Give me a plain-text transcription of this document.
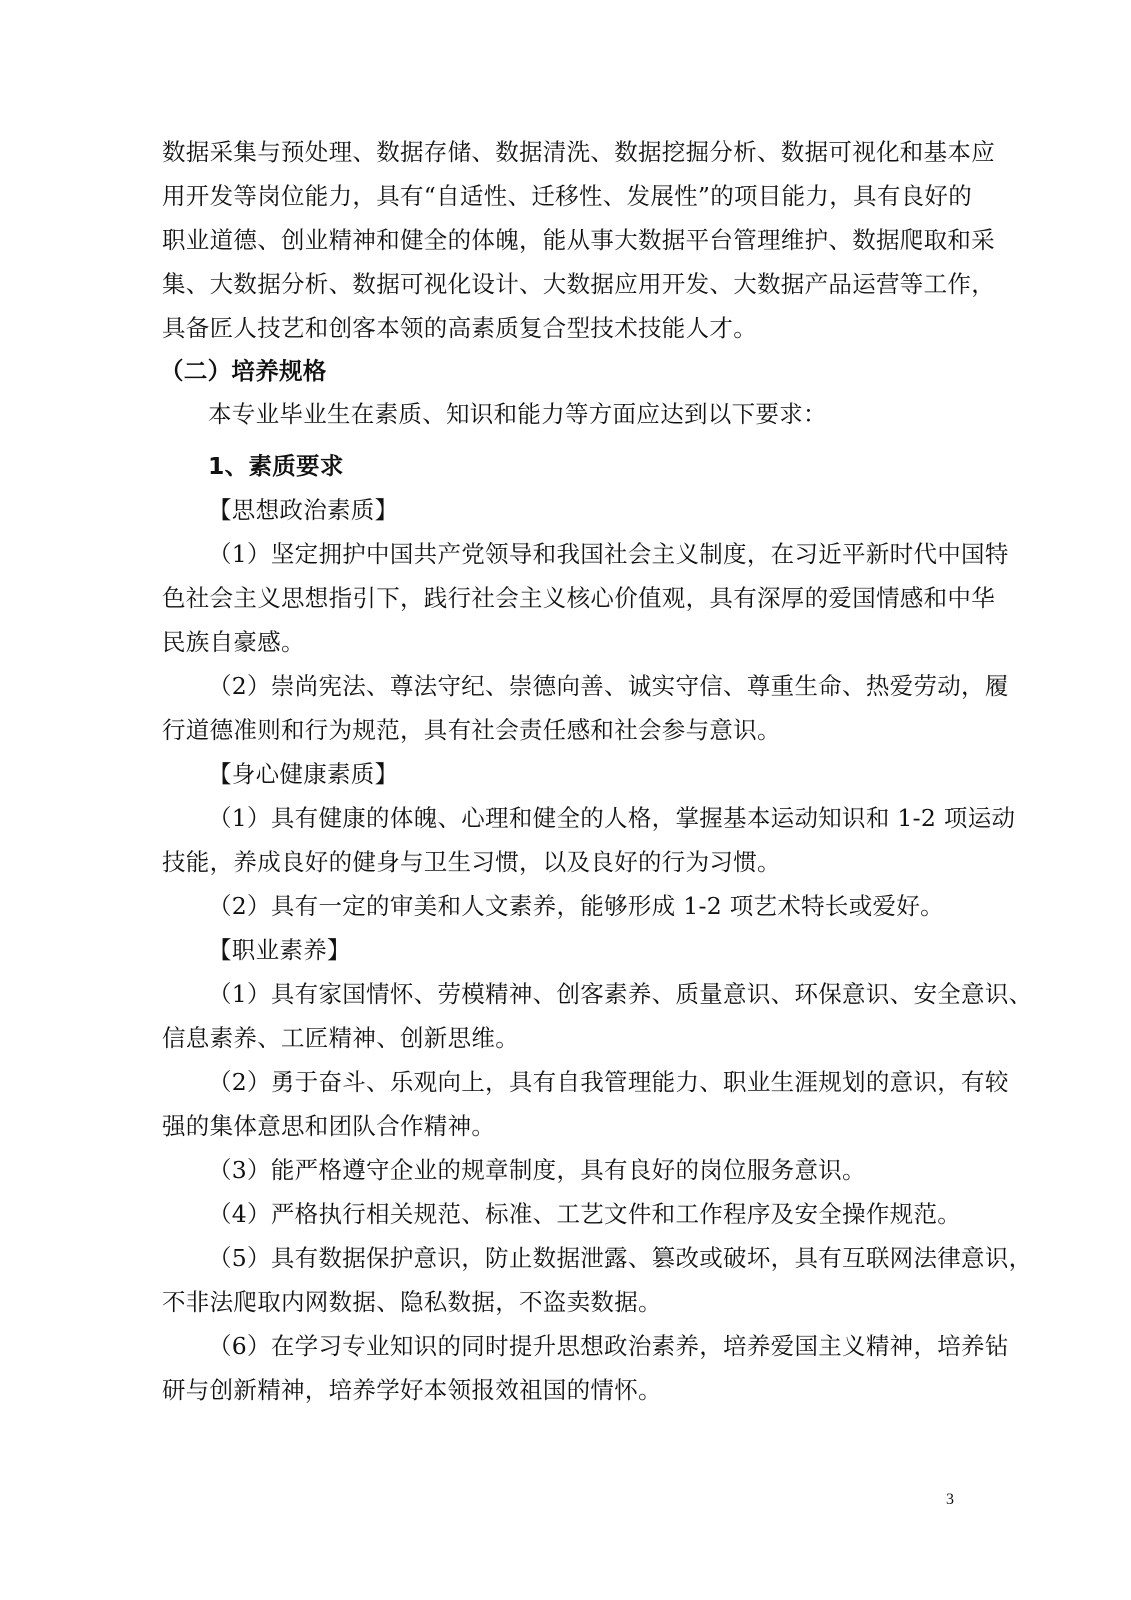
数据采集与预处理、数据存储、数据清洗、数据挖掘分析、数据可视化和基本应
用开发等岗位能力，具有“自适性、迁移性、发展性”的项目能力，具有良好的
职业道德、创业精神和健全的体魄，能从事大数据平台管理维护、数据爬取和采
集、大数据分析、数据可视化设计、大数据应用开发、大数据产品运营等工作，
具备匠人技艺和创客本领的高素质复合型技术技能人才。
（二）培养规格
本专业毕业生在素质、知识和能力等方面应达到以下要求：
1、素质要求
【思想政治素质】
（1）坚定拥护中国共产党领导和我国社会主义制度，在习近平新时代中国特
色社会主义思想指引下，践行社会主义核心价值观，具有深厚的爱国情感和中华
民族自豪感。
（2）崇尚宪法、尊法守纪、崇德向善、诚实守信、尊重生命、热爱劳动，履
行道德准则和行为规范，具有社会责任感和社会参与意识。
【身心健康素质】
（1）具有健康的体魄、心理和健全的人格，掌握基本运动知识和 1-2 项运动
技能，养成良好的健身与卫生习惯，以及良好的行为习惯。
（2）具有一定的审美和人文素养，能够形成 1-2 项艺术特长或爱好。
【职业素养】
（1）具有家国情怀、劳模精神、创客素养、质量意识、环保意识、安全意识、
信息素养、工匠精神、创新思维。
（2）勇于奋斗、乐观向上，具有自我管理能力、职业生涯规划的意识，有较
强的集体意思和团队合作精神。
（3）能严格遵守企业的规章制度，具有良好的岗位服务意识。
（4）严格执行相关规范、标准、工艺文件和工作程序及安全操作规范。
（5）具有数据保护意识，防止数据泄露、篡改或破坏，具有互联网法律意识，
不非法爬取内网数据、隐私数据，不盗卖数据。
（6）在学习专业知识的同时提升思想政治素养，培养爱国主义精神，培养钻
研与创新精神，培养学好本领报效祖国的情怀。
3
